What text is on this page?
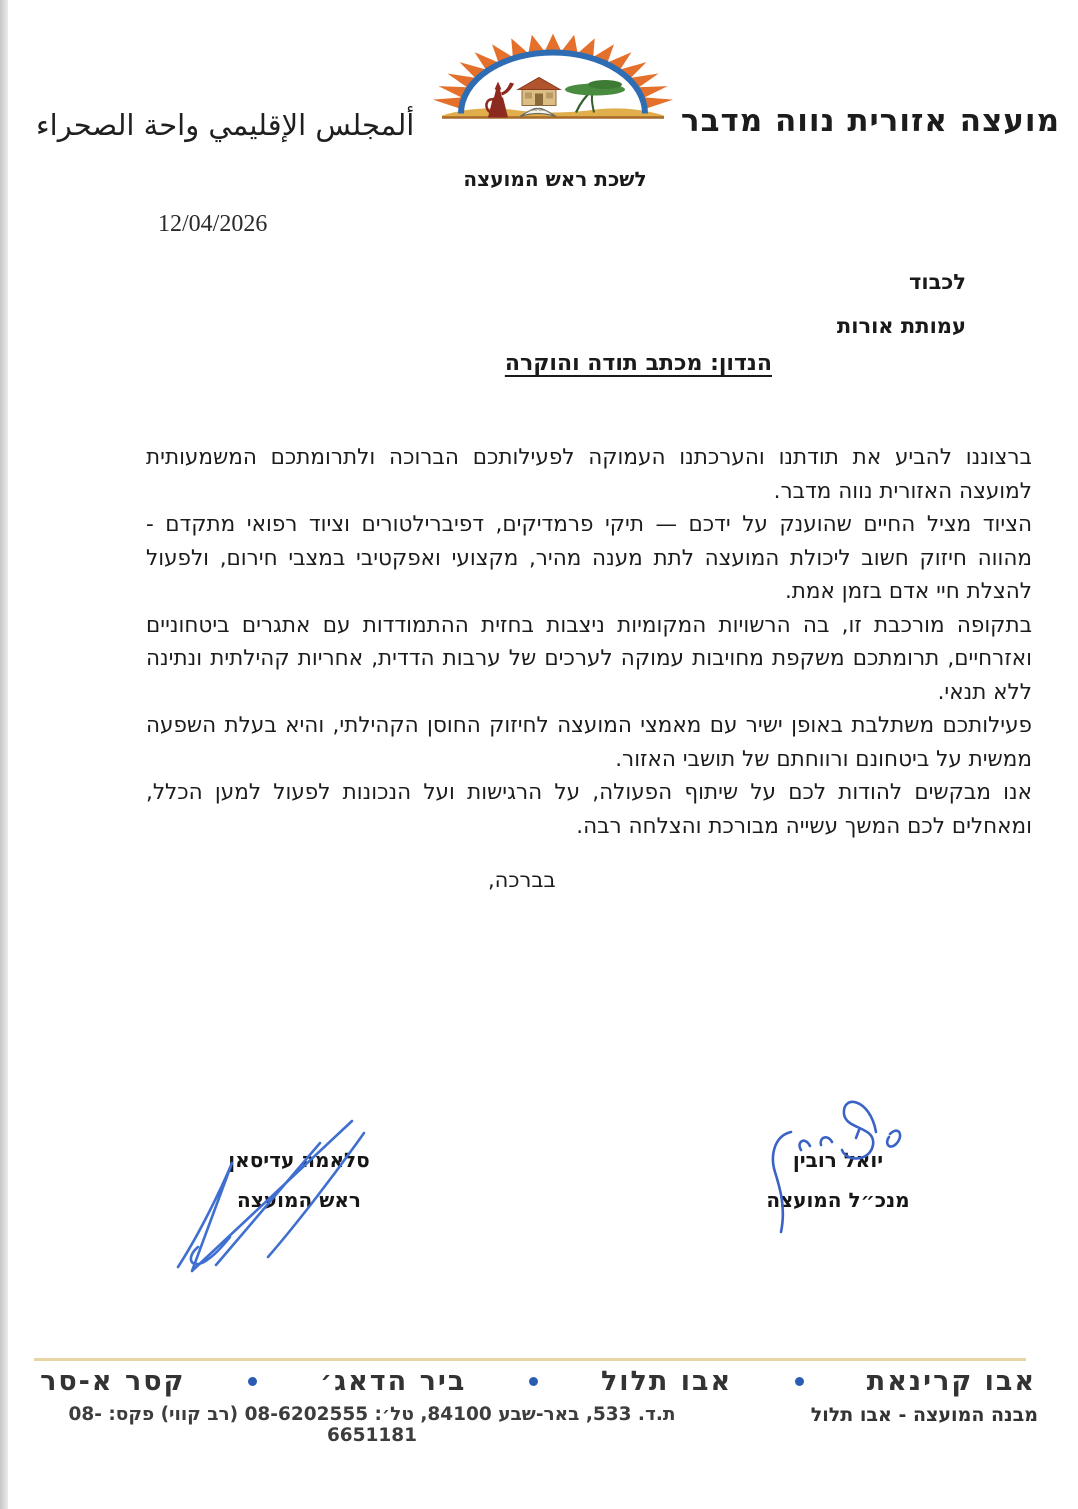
מועצה אזורית נווה מדבר
ألمجلس الإقليمي واحة الصحراء
לשכת ראש המועצה
12/04/2026
לכבוד
עמותת אורות
הנדון: מכתב תודה והוקרה

ברצוננו להביע את תודתנו והערכתנו העמוקה לפעילותכם הברוכה ולתרומתכם המשמעותית למועצה האזורית נווה מדבר.

הציוד מציל החיים שהוענק על ידכם — תיקי פרמדיקים, דפיברילטורים וציוד רפואי מתקדם - מהווה חיזוק חשוב ליכולת המועצה לתת מענה מהיר, מקצועי ואפקטיבי במצבי חירום, ולפעול להצלת חיי אדם בזמן אמת.

בתקופה מורכבת זו, בה הרשויות המקומיות ניצבות בחזית ההתמודדות עם אתגרים ביטחוניים ואזרחיים, תרומתכם משקפת מחויבות עמוקה לערכים של ערבות הדדית, אחריות קהילתית ונתינה ללא תנאי.

פעילותכם משתלבת באופן ישיר עם מאמצי המועצה לחיזוק החוסן הקהילתי, והיא בעלת השפעה ממשית על ביטחונם ורווחתם של תושבי האזור.

אנו מבקשים להודות לכם על שיתוף הפעולה, על הרגישות ועל הנכונות לפעול למען הכלל, ומאחלים לכם המשך עשייה מבורכת והצלחה רבה.

בברכה,
יואל רובין
מנכ״ל המועצה
סלאמה עדיסאן
ראש המועצה
אבו קרינאת
אבו תלול
ביר הדאג׳
קסר א-סר
מבנה המועצה - אבו תלול
ת.ד. 533, באר-שבע 84100, טל׳: 08-6202555 (רב קווי) פקס: 08-6651181
